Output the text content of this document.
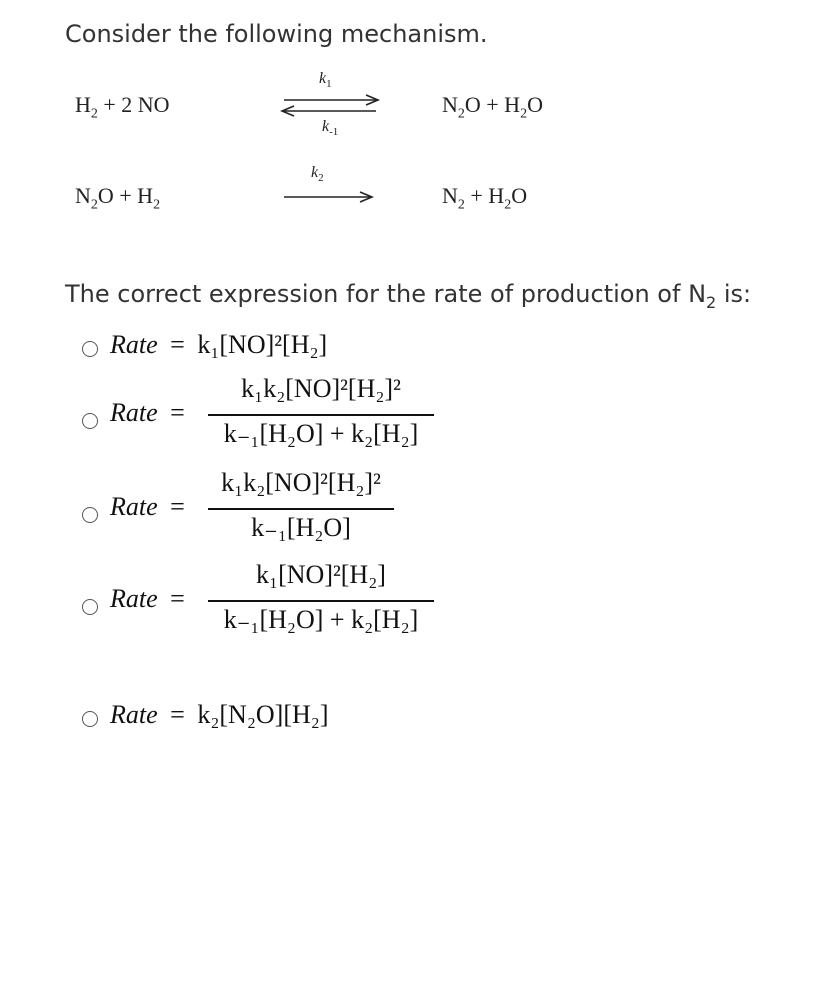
Consider the following mechanism.
$H_2 + 2$ NO
$k_1$
$k_{-1}$
$N_2O + H_2O$
$N_2O + H_2$
$k_2$
$N_2 + H_2O$
The correct expression for the rate of production of $N_2$ is:
Rate = k₁[NO]²[H₂]
Rate =
k₁k₂[NO]²[H₂]²
k₋₁[H₂O] + k₂[H₂]
Rate =
k₁k₂[NO]²[H₂]²
k₋₁[H₂O]
Rate =
k₁[NO]²[H₂]
k₋₁[H₂O] + k₂[H₂]
Rate = k₂[N₂O][H₂]
